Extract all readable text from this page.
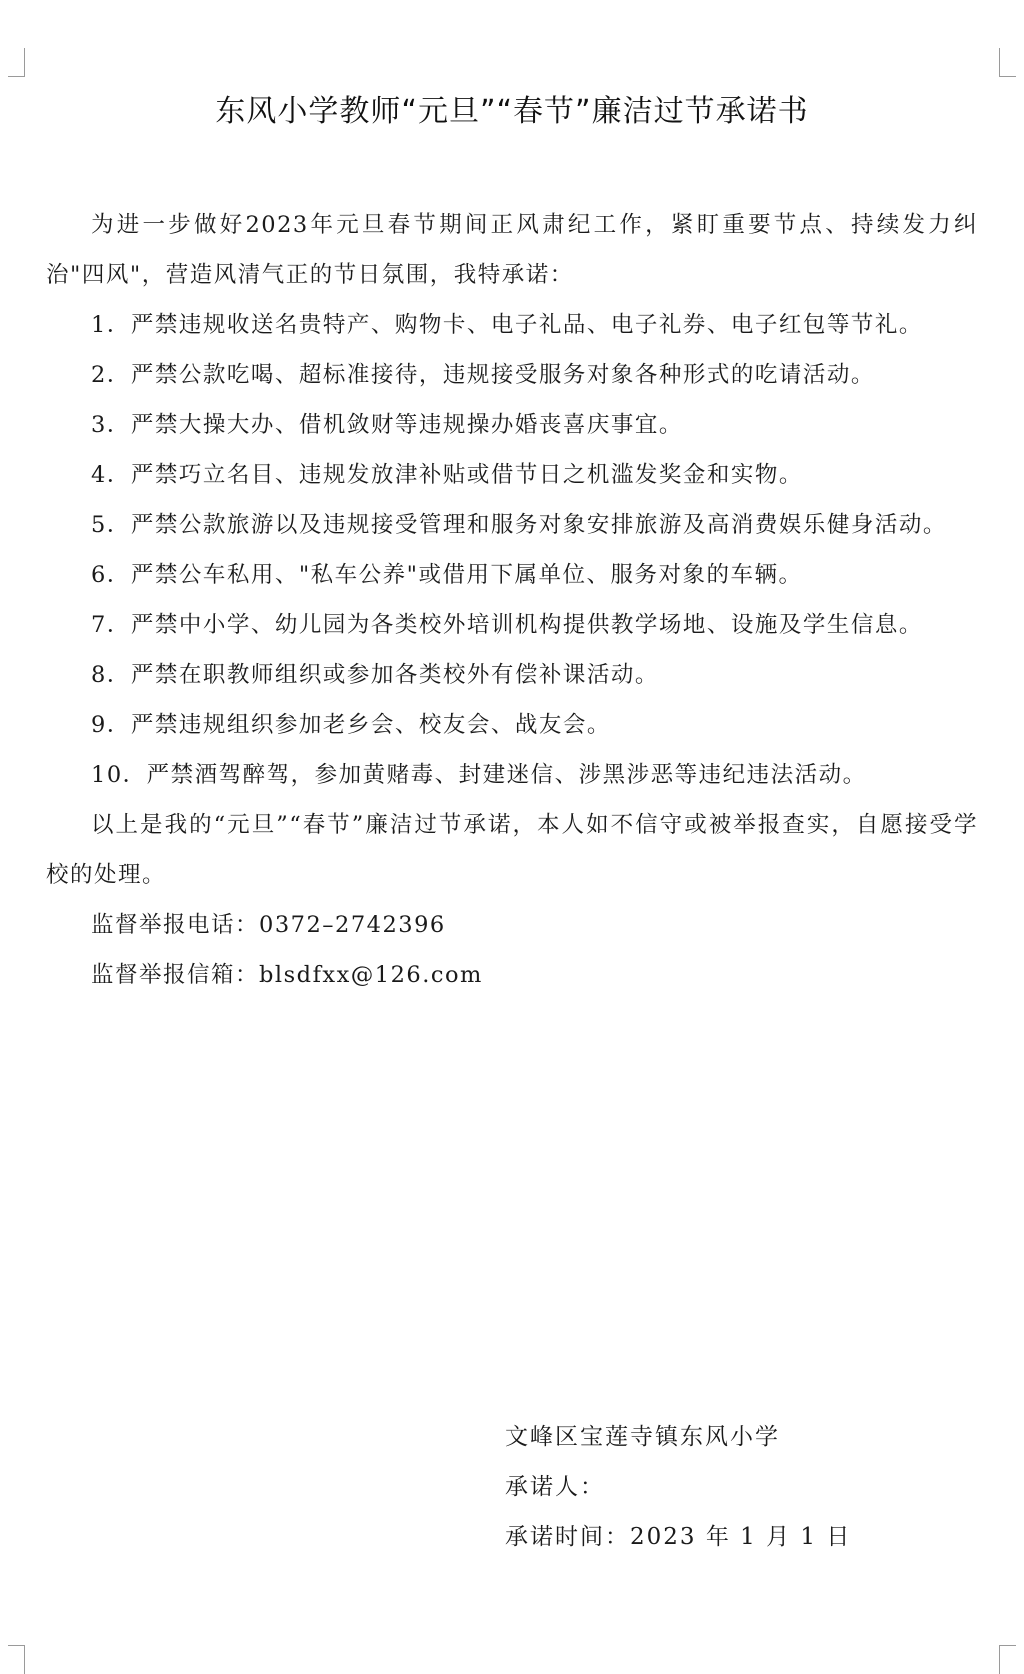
东风小学教师“元旦”“春节”廉洁过节承诺书

为进一步做好2023年元旦春节期间正风肃纪工作，紧盯重要节点、持续发力纠治"四风"，营造风清气正的节日氛围，我特承诺：

1．严禁违规收送名贵特产、购物卡、电子礼品、电子礼券、电子红包等节礼。

2．严禁公款吃喝、超标准接待，违规接受服务对象各种形式的吃请活动。

3．严禁大操大办、借机敛财等违规操办婚丧喜庆事宜。

4．严禁巧立名目、违规发放津补贴或借节日之机滥发奖金和实物。

5．严禁公款旅游以及违规接受管理和服务对象安排旅游及高消费娱乐健身活动。

6．严禁公车私用、"私车公养"或借用下属单位、服务对象的车辆。

7．严禁中小学、幼儿园为各类校外培训机构提供教学场地、设施及学生信息。

8．严禁在职教师组织或参加各类校外有偿补课活动。

9．严禁违规组织参加老乡会、校友会、战友会。

10．严禁酒驾醉驾，参加黄赌毒、封建迷信、涉黑涉恶等违纪违法活动。

以上是我的“元旦”“春节”廉洁过节承诺，本人如不信守或被举报查实，自愿接受学校的处理。

监督举报电话：0372–2742396

监督举报信箱：blsdfxx@126.com

文峰区宝莲寺镇东风小学
承诺人：
承诺时间：2023 年 1 月 1 日
